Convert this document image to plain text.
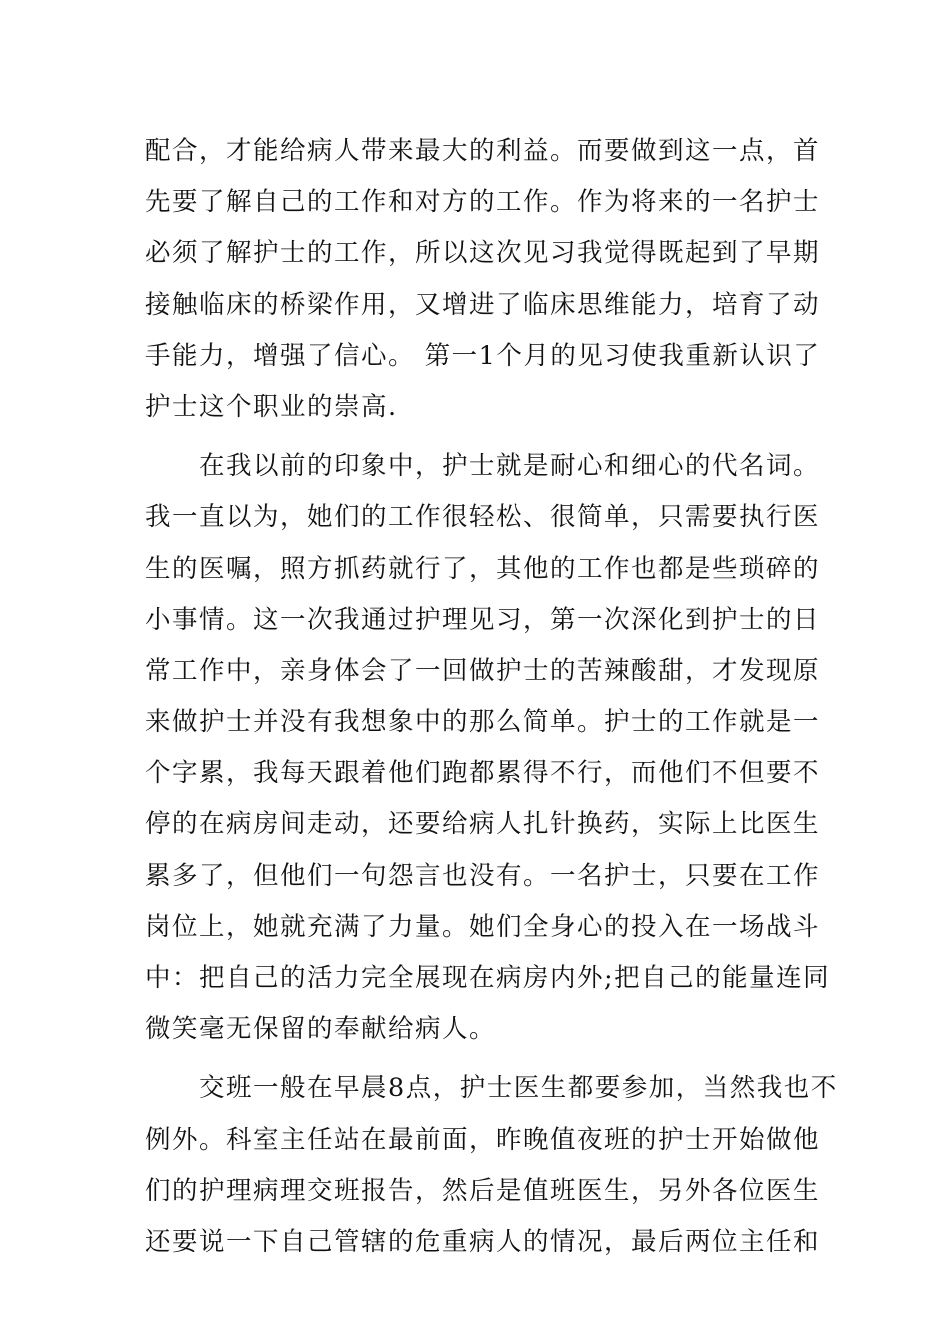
配合，才能给病人带来最大的利益。而要做到这一点，首
先要了解自己的工作和对方的工作。作为将来的一名护士
必须了解护士的工作，所以这次见习我觉得既起到了早期
接触临床的桥梁作用，又增进了临床思维能力，培育了动
手能力，增强了信心。 第一1个月的见习使我重新认识了
护士这个职业的崇高.
　　在我以前的印象中，护士就是耐心和细心的代名词。
我一直以为，她们的工作很轻松、很简单，只需要执行医
生的医嘱，照方抓药就行了，其他的工作也都是些琐碎的
小事情。这一次我通过护理见习，第一次深化到护士的日
常工作中，亲身体会了一回做护士的苦辣酸甜，才发现原
来做护士并没有我想象中的那么简单。护士的工作就是一
个字累，我每天跟着他们跑都累得不行，而他们不但要不
停的在病房间走动，还要给病人扎针换药，实际上比医生
累多了，但他们一句怨言也没有。一名护士，只要在工作
岗位上，她就充满了力量。她们全身心的投入在一场战斗
中：把自己的活力完全展现在病房内外;把自己的能量连同
微笑毫无保留的奉献给病人。
　　交班一般在早晨8点，护士医生都要参加，当然我也不
例外。科室主任站在最前面，昨晚值夜班的护士开始做他
们的护理病理交班报告，然后是值班医生，另外各位医生
还要说一下自己管辖的危重病人的情况，最后两位主任和
